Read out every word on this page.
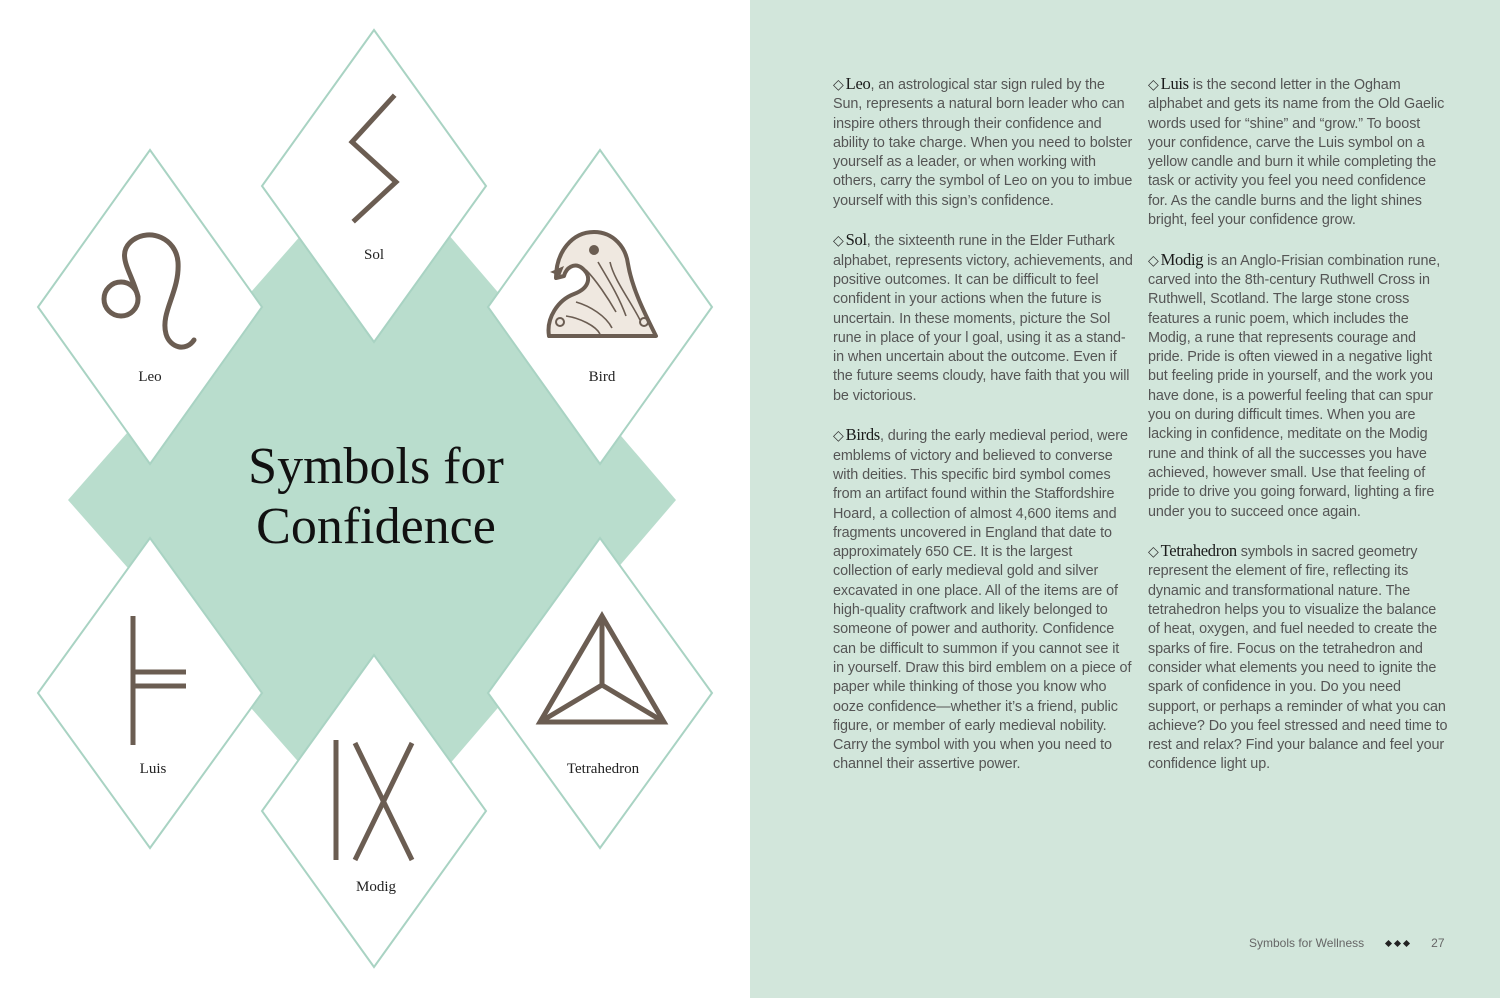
Sol
Leo	Bird
Luis	Tetrahedron
Modig
Symbols for
Confidence

◇ Leo, an astrological star sign ruled by the Sun, represents a natural born leader who can inspire others through their confidence and ability to take charge. When you need to bolster yourself as a leader, or when working with others, carry the symbol of Leo on you to imbue yourself with this sign’s confidence.

◇ Sol, the sixteenth rune in the Elder Futhark alphabet, represents victory, achievements, and positive outcomes. It can be difficult to feel confident in your actions when the future is uncertain. In these moments, picture the Sol rune in place of your l goal, using it as a stand-in when uncertain about the outcome. Even if the future seems cloudy, have faith that you will be victorious.

◇ Birds, during the early medieval period, were emblems of victory and believed to converse with deities. This specific bird symbol comes from an artifact found within the Staffordshire Hoard, a collection of almost 4,600 items and fragments uncovered in England that date to approximately 650 CE. It is the largest collection of early medieval gold and silver excavated in one place. All of the items are of high-quality craftwork and likely belonged to someone of power and authority. Confidence can be difficult to summon if you cannot see it in yourself. Draw this bird emblem on a piece of paper while thinking of those you know who ooze confidence—whether it’s a friend, public figure, or member of early medieval nobility. Carry the symbol with you when you need to channel their assertive power.

◇ Luis is the second letter in the Ogham alphabet and gets its name from the Old Gaelic words used for “shine” and “grow.” To boost your confidence, carve the Luis symbol on a yellow candle and burn it while completing the task or activity you feel you need confidence for. As the candle burns and the light shines bright, feel your confidence grow.

◇ Modig is an Anglo-Frisian combination rune, carved into the 8th-century Ruthwell Cross in Ruthwell, Scotland. The large stone cross features a runic poem, which includes the Modig, a rune that represents courage and pride. Pride is often viewed in a negative light but feeling pride in yourself, and the work you have done, is a powerful feeling that can spur you on during difficult times. When you are lacking in confidence, meditate on the Modig rune and think of all the successes you have achieved, however small. Use that feeling of pride to drive you going forward, lighting a fire under you to succeed once again.

◇ Tetrahedron symbols in sacred geometry represent the element of fire, reflecting its dynamic and transformational nature. The tetrahedron helps you to visualize the balance of heat, oxygen, and fuel needed to create the sparks of fire. Focus on the tetrahedron and consider what elements you need to ignite the spark of confidence in you. Do you need support, or perhaps a reminder of what you can achieve? Do you feel stressed and need time to rest and relax? Find your balance and feel your confidence light up.

Symbols for Wellness	27
